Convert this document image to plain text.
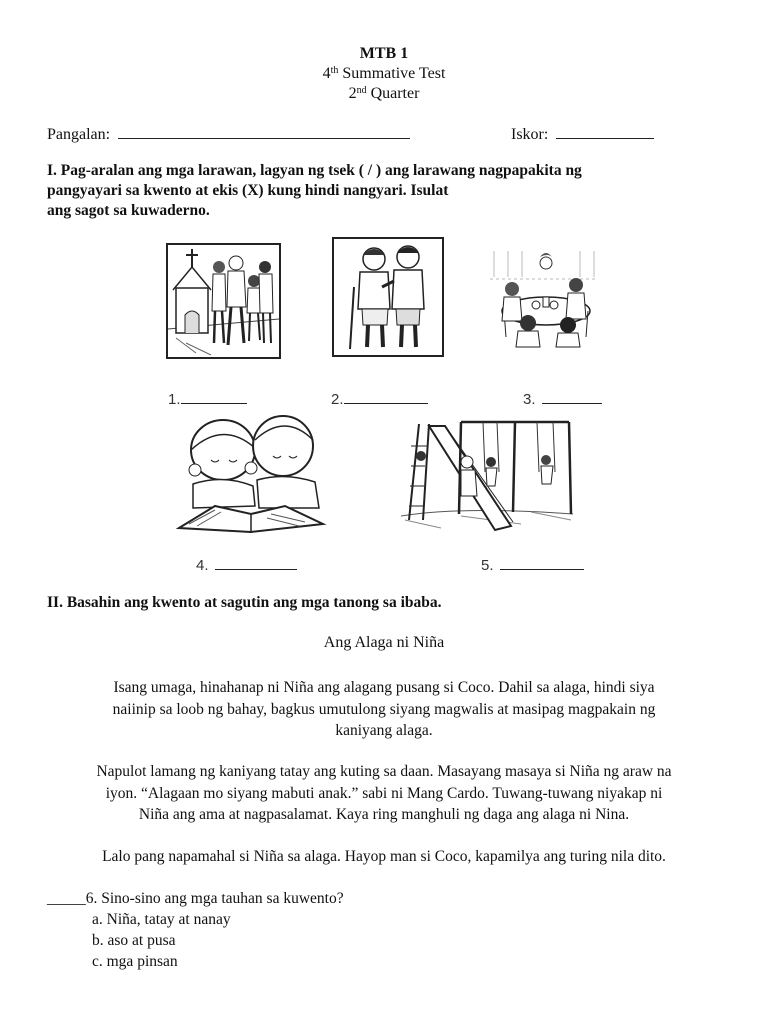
MTB 1
4th Summative Test
2nd Quarter
Pangalan:	Iskor:
I. Pag-aralan ang mga larawan, lagyan ng tsek ( / ) ang larawang nagpapakita ng
pangyayari sa kwento at ekis (X) kung hindi nangyari. Isulat
ang sagot sa kuwaderno.
1.	2.	3.
4.	5.
II. Basahin ang kwento at sagutin ang mga tanong sa ibaba.
Ang Alaga ni Niña
Isang umaga, hinahanap ni Niña ang alagang pusang si Coco. Dahil sa alaga, hindi siya
naiinip sa loob ng bahay, bagkus umutulong siyang magwalis at masipag magpakain ng
kaniyang alaga.
Napulot lamang ng kaniyang tatay ang kuting sa daan. Masayang masaya si Niña ng araw na
iyon. “Alagaan mo siyang mabuti anak.” sabi ni Mang Cardo. Tuwang-tuwang niyakap ni
Niña ang ama at nagpasalamat. Kaya ring manghuli ng daga ang alaga ni Nina.
Lalo pang napamahal si Niña sa alaga. Hayop man si Coco, kapamilya ang turing nila dito.
_____6. Sino-sino ang mga tauhan sa kuwento?
a. Niña, tatay at nanay
b. aso at pusa
c. mga pinsan
